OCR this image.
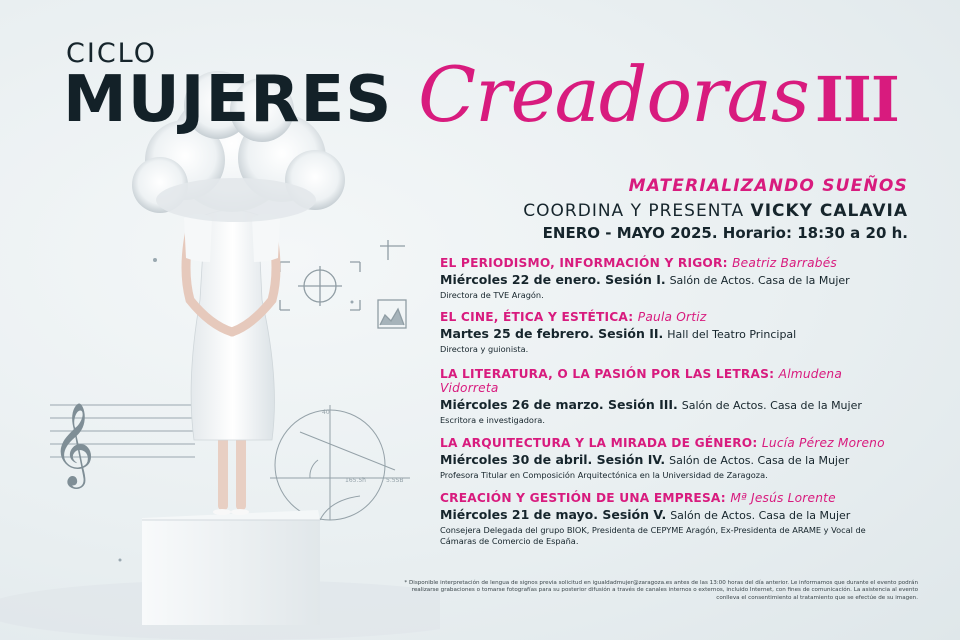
𝄞	165.5h	5.5SB
40
CICLO
MUJERES CreadorasIII
MATERIALIZANDO SUEÑOS
COORDINA Y PRESENTA VICKY CALAVIA
ENERO - MAYO 2025. Horario: 18:30 a 20 h.
EL PERIODISMO, INFORMACIÓN Y RIGOR: Beatriz Barrabés
Miércoles 22 de enero. Sesión I. Salón de Actos. Casa de la Mujer
Directora de TVE Aragón.
EL CINE, ÉTICA Y ESTÉTICA: Paula Ortiz
Martes 25 de febrero. Sesión II. Hall del Teatro Principal
Directora y guionista.
LA LITERATURA, O LA PASIÓN POR LAS LETRAS: Almudena Vidorreta
Miércoles 26 de marzo. Sesión III. Salón de Actos. Casa de la Mujer
Escritora e investigadora.
LA ARQUITECTURA Y LA MIRADA DE GÉNERO: Lucía Pérez Moreno
Miércoles 30 de abril. Sesión IV. Salón de Actos. Casa de la Mujer
Profesora Titular en Composición Arquitectónica en la Universidad de Zaragoza.
CREACIÓN Y GESTIÓN DE UNA EMPRESA: Mª Jesús Lorente
Miércoles 21 de mayo. Sesión V. Salón de Actos. Casa de la Mujer
Consejera Delegada del grupo BIOK, Presidenta de CEPYME Aragón, Ex-Presidenta de ARAME y Vocal de Cámaras de Comercio de España.
* Disponible interpretación de lengua de signos previa solicitud en igualdadmujer@zaragoza.es antes de las 13:00 horas del día anterior. Le informamos que durante el evento podrán realizarse grabaciones o tomarse fotografías para su posterior difusión a través de canales internos o externos, incluido Internet, con fines de comunicación. La asistencia al evento conlleva el consentimiento al tratamiento que se efectúe de su imagen.
